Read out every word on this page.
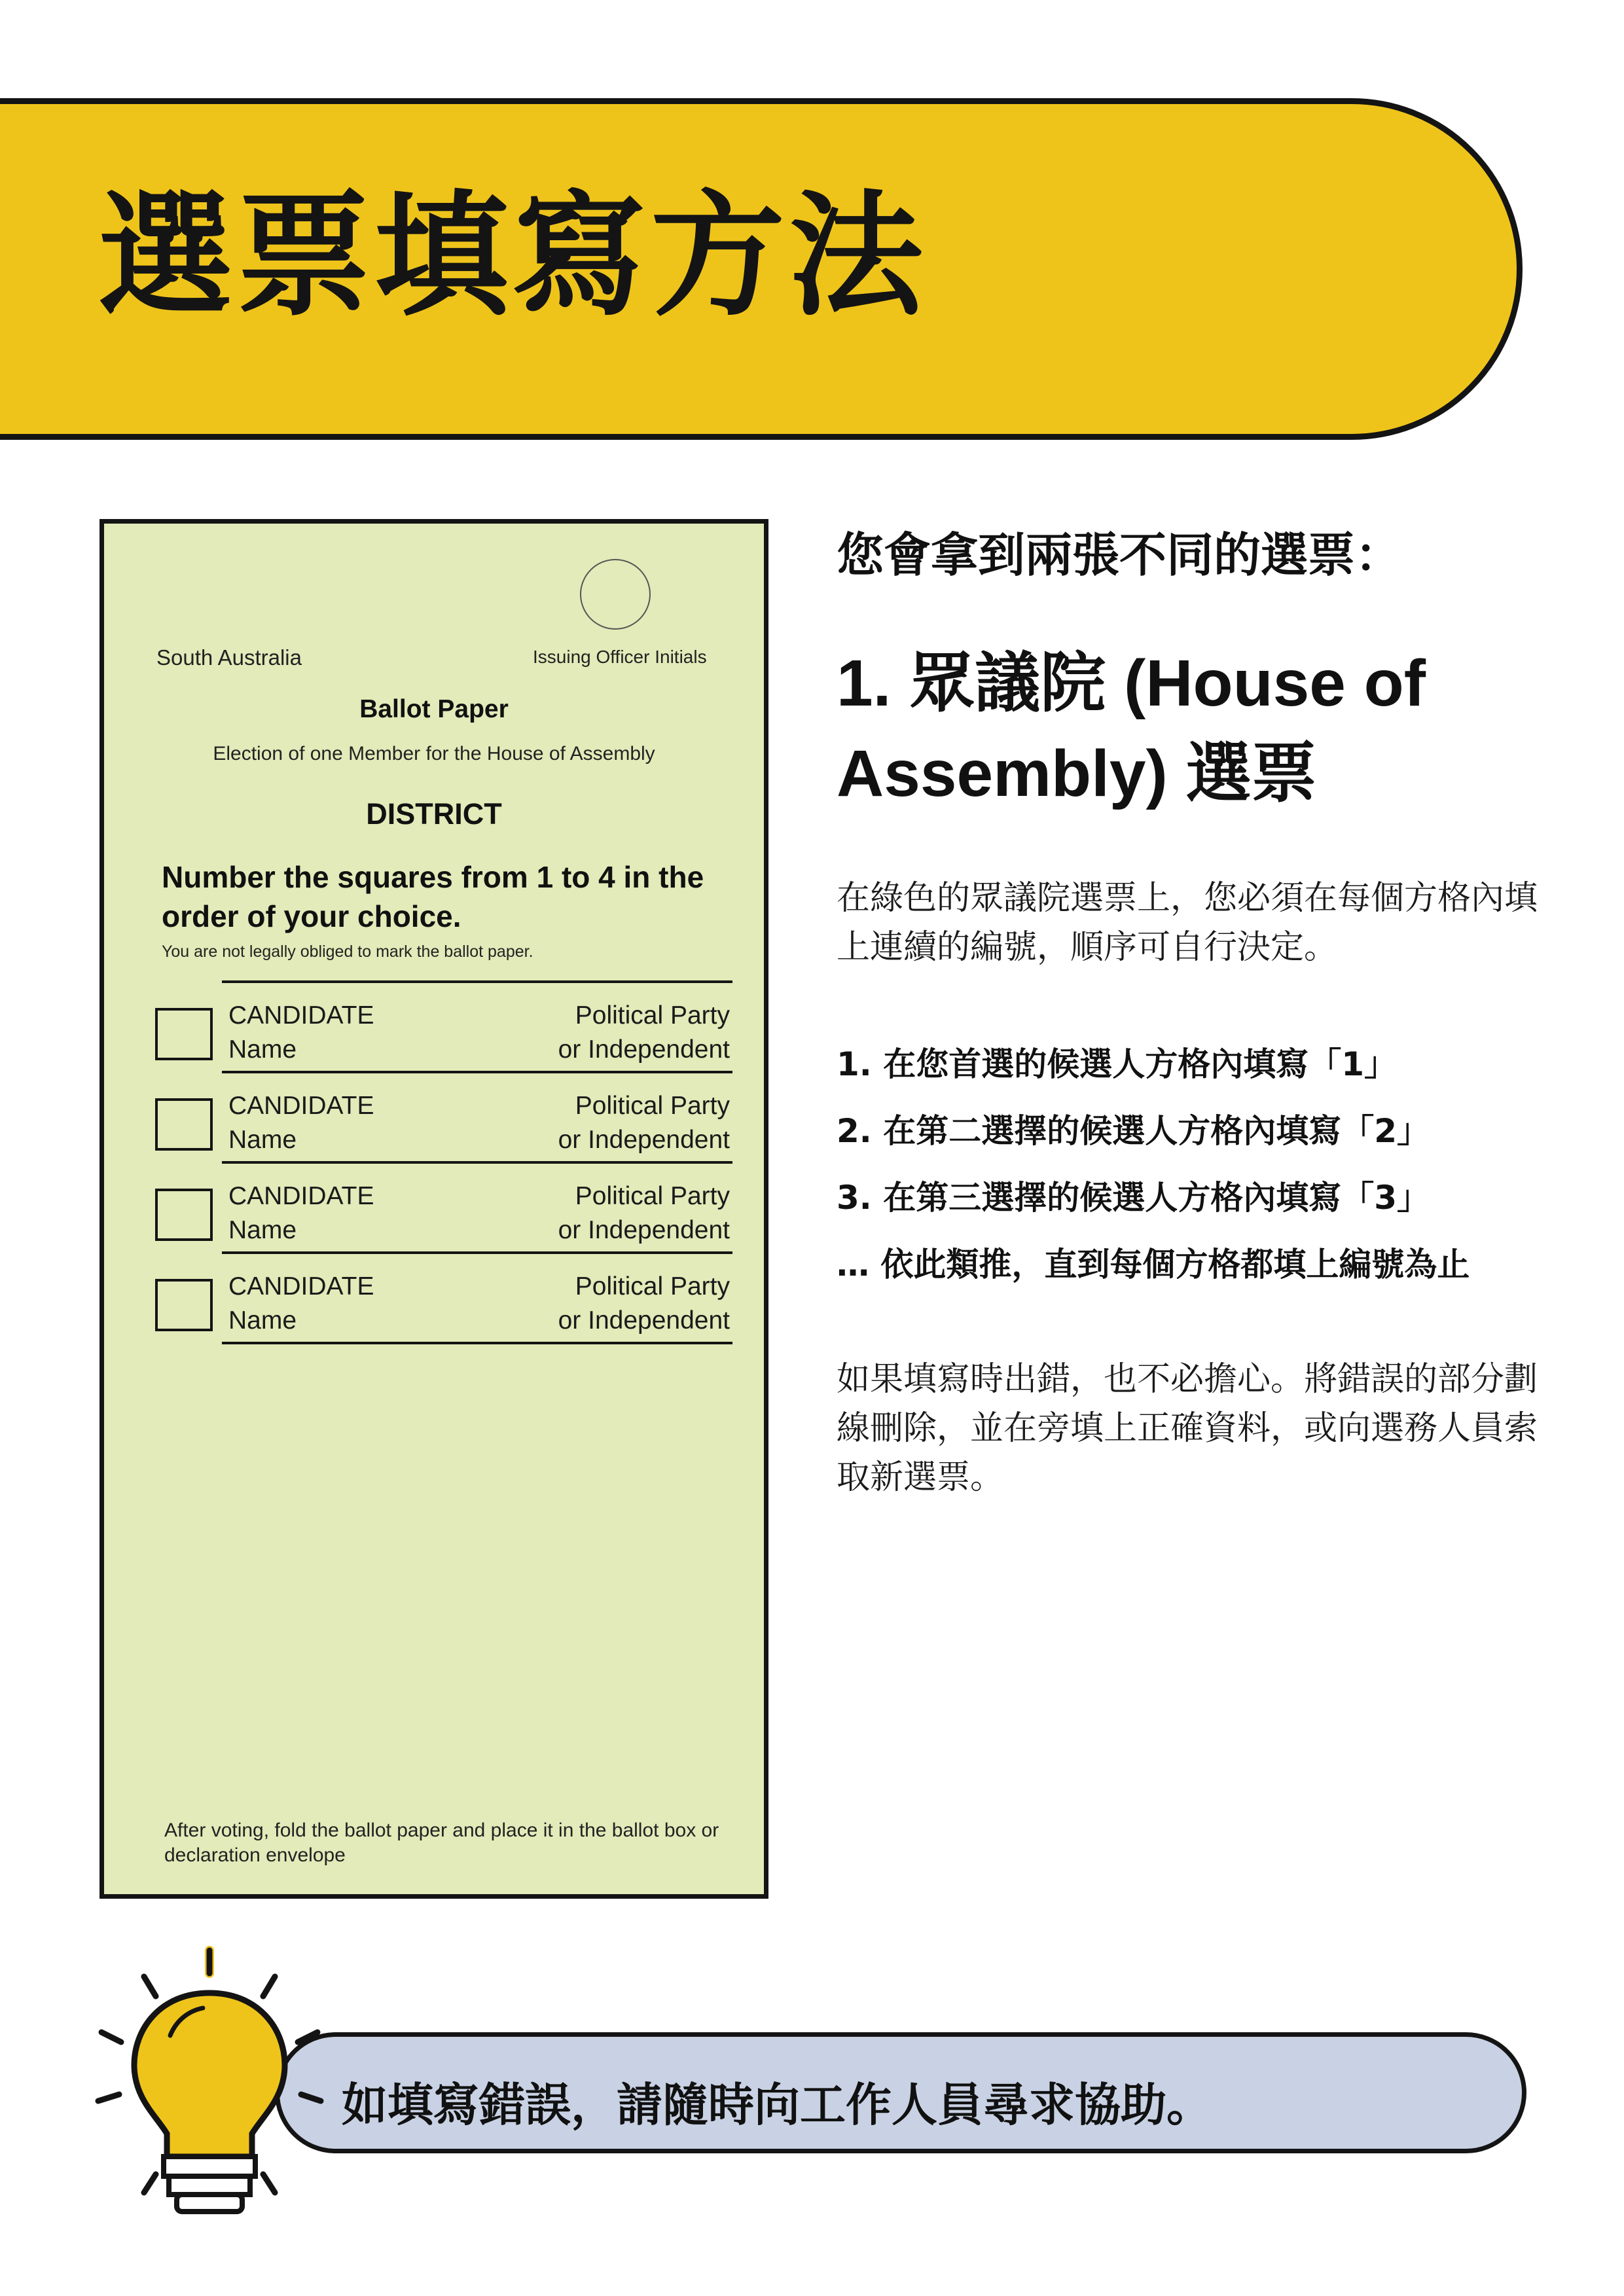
選票填寫方法
South Australia	Issuing Officer Initials
Ballot Paper
Election of one Member for the House of Assembly
DISTRICT
Number the squares from 1 to 4 in the order of your choice.
You are not legally obliged to mark the ballot paper.
CANDIDATE
Name
Political Party
or Independent
CANDIDATE
Name
Political Party
or Independent
CANDIDATE
Name
Political Party
or Independent
CANDIDATE
Name
Political Party
or Independent
After voting, fold the ballot paper and place it in the ballot box or declaration envelope
您會拿到兩張不同的選票：
1. 眾議院 (House of Assembly) 選票
在綠色的眾議院選票上，您必須在每個方格內填上連續的編號，順序可自行決定。
1. 在您首選的候選人方格內填寫「1」
2. 在第二選擇的候選人方格內填寫「2」
3. 在第三選擇的候選人方格內填寫「3」
… 依此類推，直到每個方格都填上編號為止
如果填寫時出錯，也不必擔心。將錯誤的部分劃線刪除，並在旁填上正確資料，或向選務人員索取新選票。
如填寫錯誤，請隨時向工作人員尋求協助。
